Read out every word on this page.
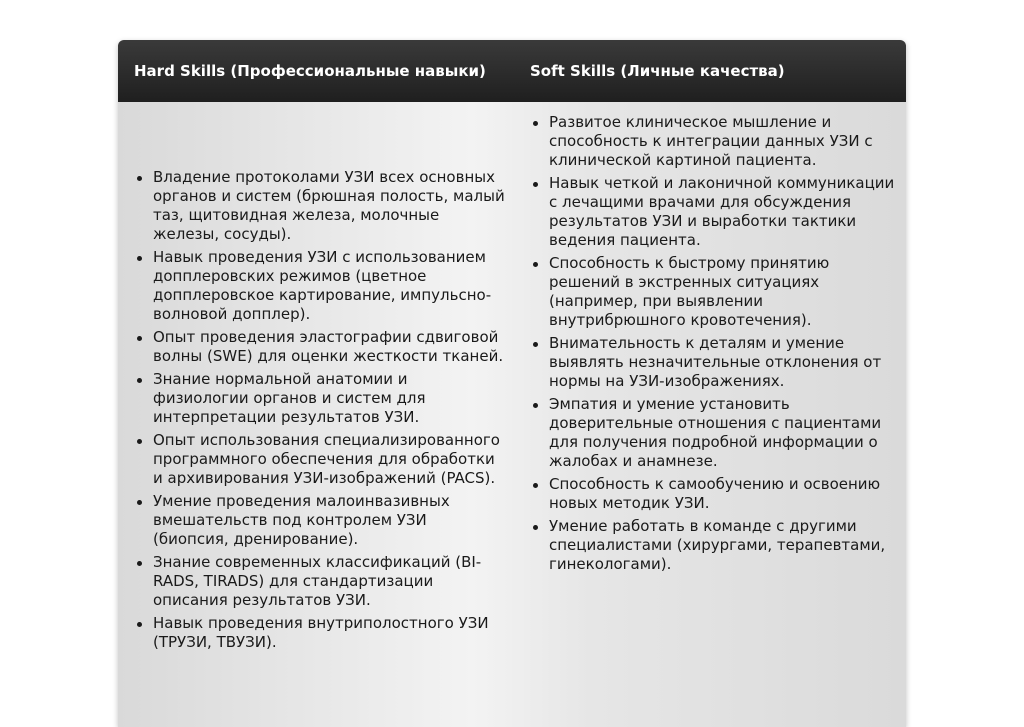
Hard Skills (Профессиональные навыки)	Soft Skills (Личные качества)
Владение протоколами УЗИ всех основных органов и систем (брюшная полость, малый таз, щитовидная железа, молочные железы, сосуды).
Навык проведения УЗИ с использованием допплеровских режимов (цветное допплеровское картирование, импульсно-волновой допплер).
Опыт проведения эластографии сдвиговой волны (SWE) для оценки жесткости тканей.
Знание нормальной анатомии и физиологии органов и систем для интерпретации результатов УЗИ.
Опыт использования специализированного программного обеспечения для обработки и архивирования УЗИ-изображений (PACS).
Умение проведения малоинвазивных вмешательств под контролем УЗИ (биопсия, дренирование).
Знание современных классификаций (BI-RADS, TIRADS) для стандартизации описания результатов УЗИ.
Навык проведения внутриполостного УЗИ (ТРУЗИ, ТВУЗИ).
Развитое клиническое мышление и способность к интеграции данных УЗИ с клинической картиной пациента.
Навык четкой и лаконичной коммуникации с лечащими врачами для обсуждения результатов УЗИ и выработки тактики ведения пациента.
Способность к быстрому принятию решений в экстренных ситуациях (например, при выявлении внутрибрюшного кровотечения).
Внимательность к деталям и умение выявлять незначительные отклонения от нормы на УЗИ-изображениях.
Эмпатия и умение установить доверительные отношения с пациентами для получения подробной информации о жалобах и анамнезе.
Способность к самообучению и освоению новых методик УЗИ.
Умение работать в команде с другими специалистами (хирургами, терапевтами, гинекологами).
